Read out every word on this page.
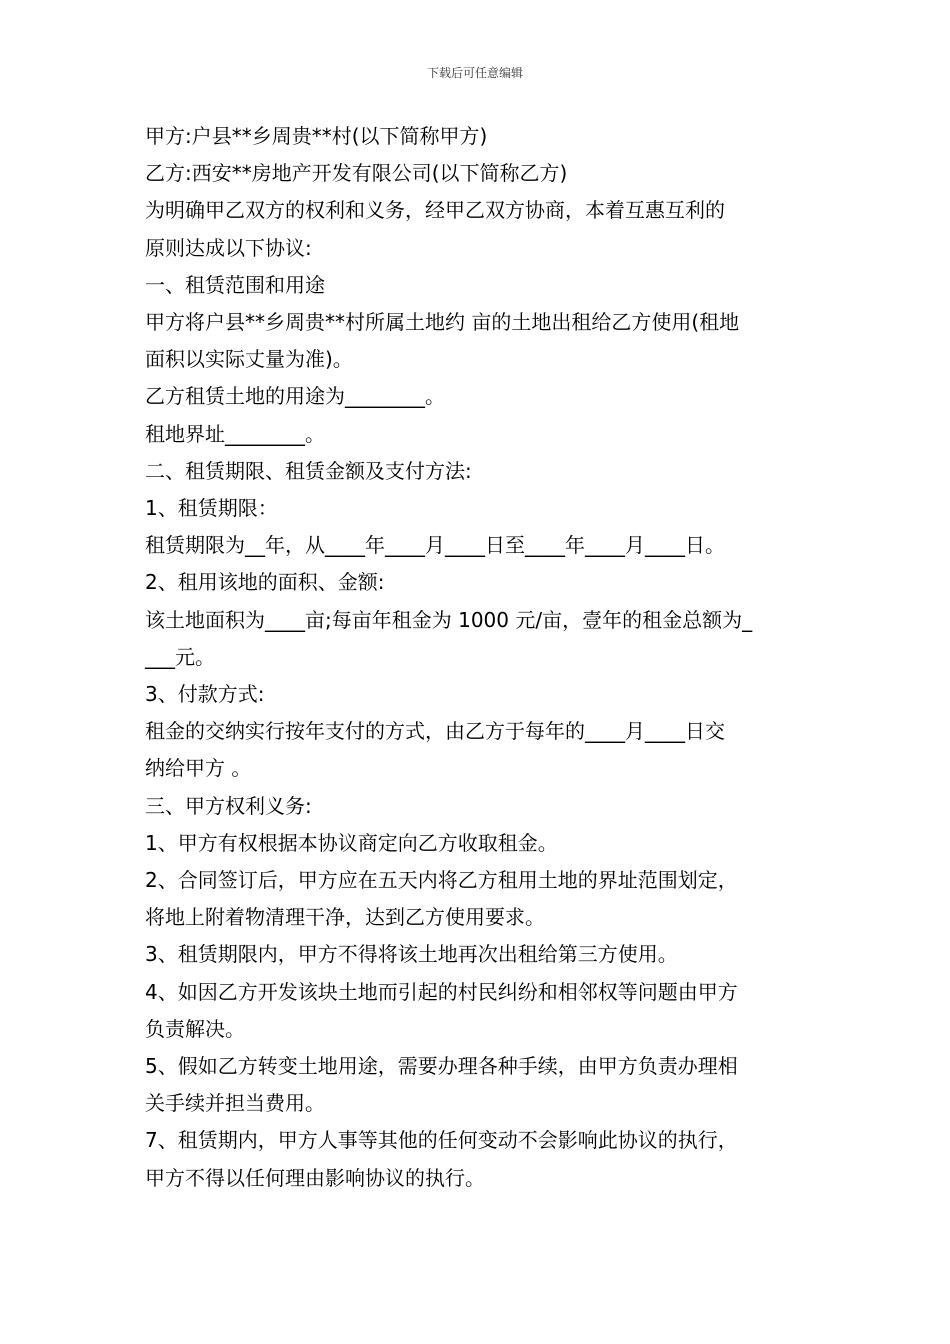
下载后可任意编辑

甲方:户县**乡周贵**村(以下简称甲方)

乙方:西安**房地产开发有限公司(以下简称乙方)

为明确甲乙双方的权利和义务，经甲乙双方协商，本着互惠互利的

原则达成以下协议:

一、租赁范围和用途

甲方将户县**乡周贵**村所属土地约 亩的土地出租给乙方使用(租地

面积以实际丈量为准)。

乙方租赁土地的用途为________。

租地界址________。

二、租赁期限、租赁金额及支付方法:

1、租赁期限：

租赁期限为__年，从____年____月____日至____年____月____日。

2、租用该地的面积、金额:

该土地面积为____亩;每亩年租金为 1000 元/亩，壹年的租金总额为_

___元。

3、付款方式:

租金的交纳实行按年支付的方式，由乙方于每年的____月____日交

纳给甲方 。

三、甲方权利义务:

1、甲方有权根据本协议商定向乙方收取租金。

2、合同签订后，甲方应在五天内将乙方租用土地的界址范围划定，

将地上附着物清理干净，达到乙方使用要求。

3、租赁期限内，甲方不得将该土地再次出租给第三方使用。

4、如因乙方开发该块土地而引起的村民纠纷和相邻权等问题由甲方

负责解决。

5、假如乙方转变土地用途，需要办理各种手续，由甲方负责办理相

关手续并担当费用。

7、租赁期内，甲方人事等其他的任何变动不会影响此协议的执行，

甲方不得以任何理由影响协议的执行。
